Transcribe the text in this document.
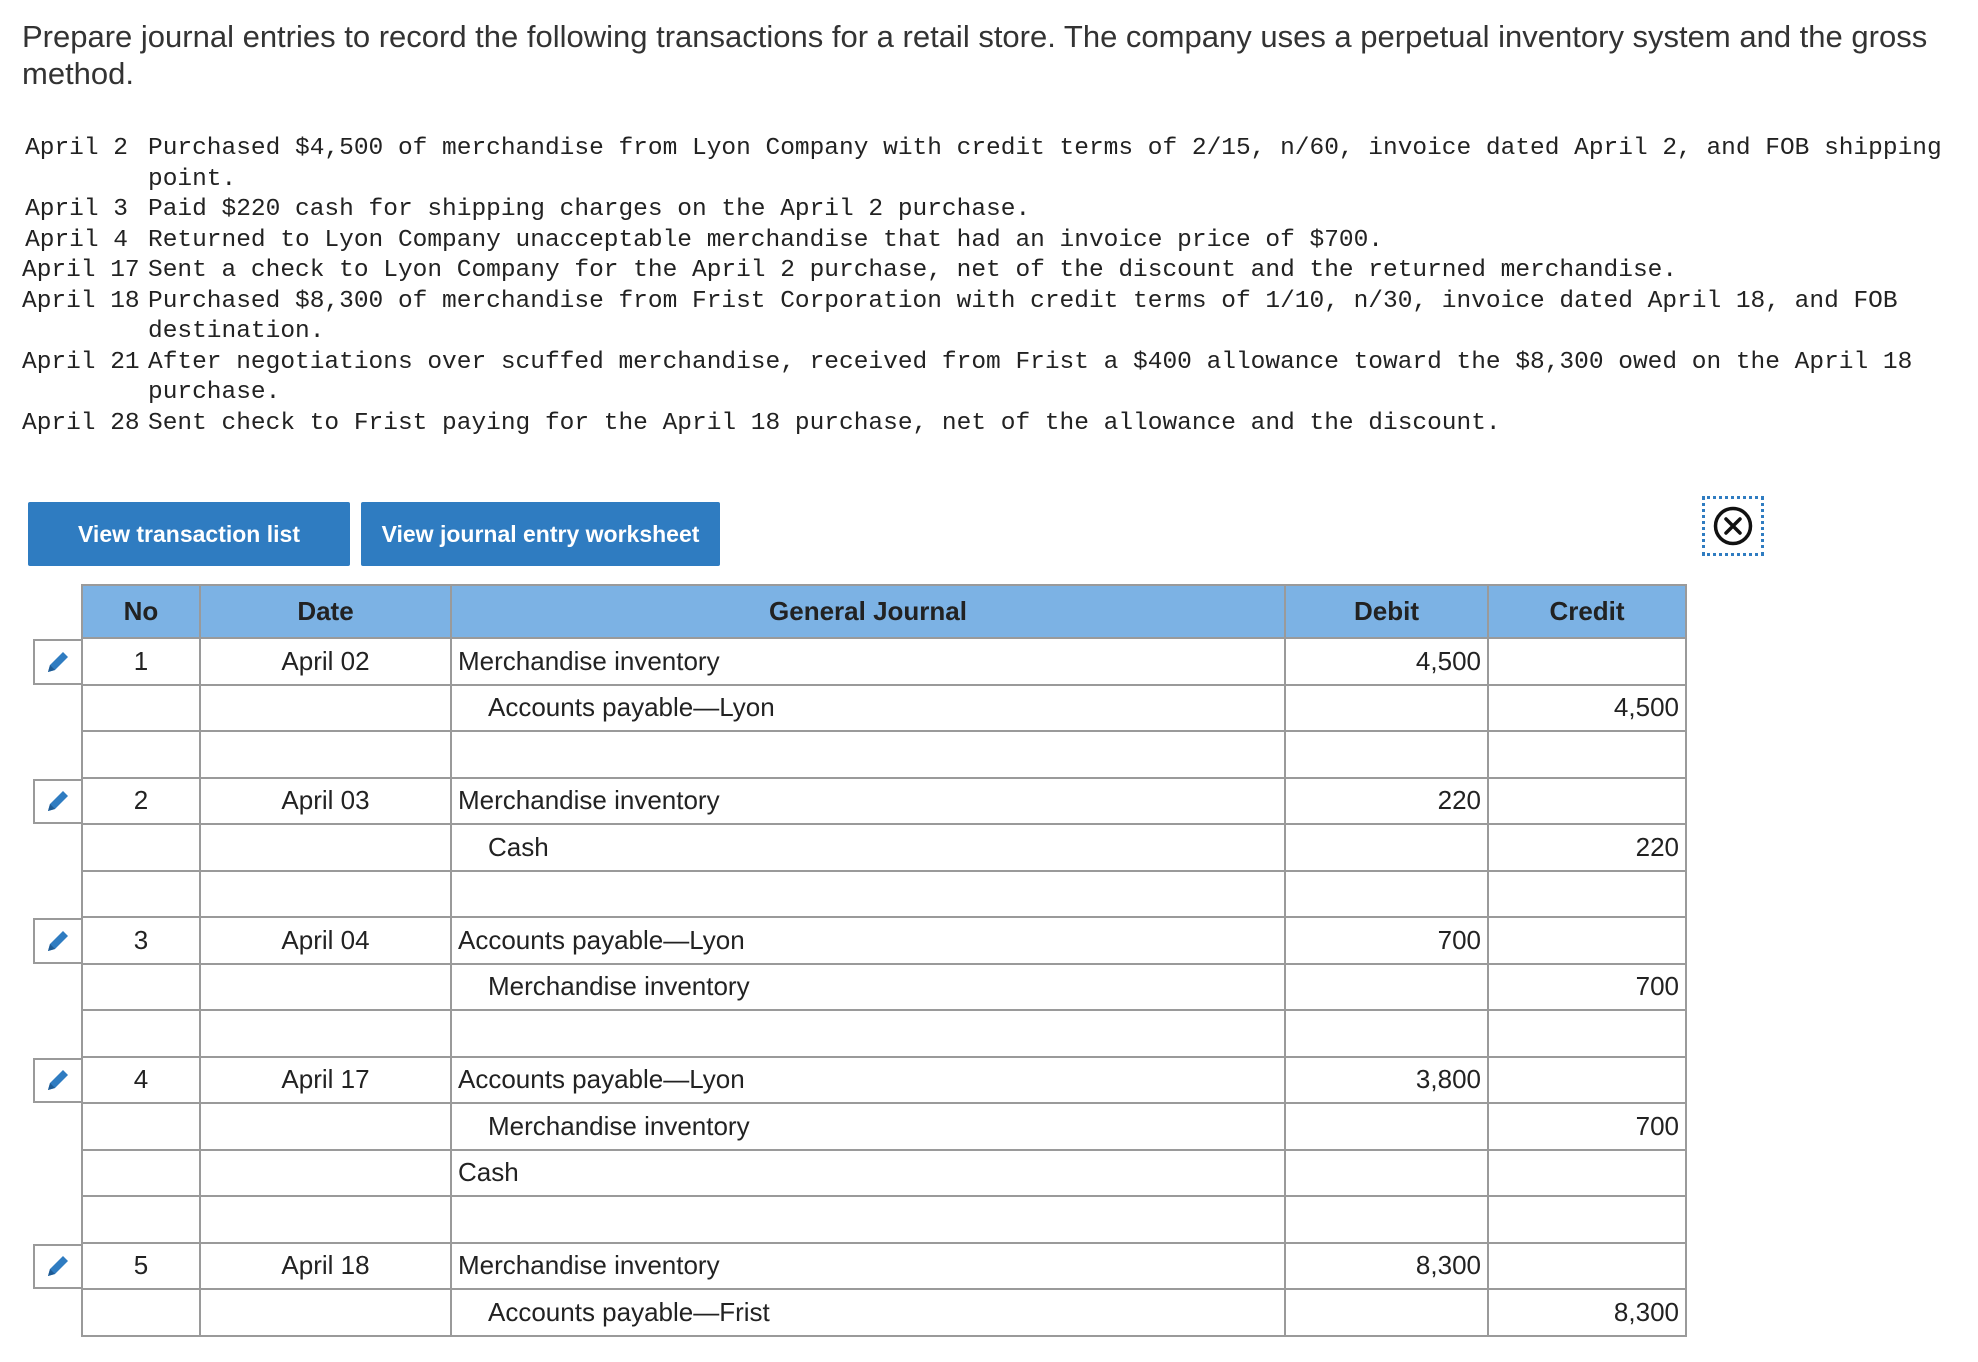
Prepare journal entries to record the following transactions for a retail store. The company uses a perpetual inventory system and the gross method.

April 2 Purchased $4,500 of merchandise from Lyon Company with credit terms of 2/15, n/60, invoice dated April 2, and FOB shipping point.
April 3 Paid $220 cash for shipping charges on the April 2 purchase.
April 4 Returned to Lyon Company unacceptable merchandise that had an invoice price of $700.
April 17 Sent a check to Lyon Company for the April 2 purchase, net of the discount and the returned merchandise.
April 18 Purchased $8,300 of merchandise from Frist Corporation with credit terms of 1/10, n/30, invoice dated April 18, and FOB destination.
April 21 After negotiations over scuffed merchandise, received from Frist a $400 allowance toward the $8,300 owed on the April 18 purchase.
April 28 Sent check to Frist paying for the April 18 purchase, net of the allowance and the discount.
View transaction list	View journal entry worksheet
No	Date	General Journal	Debit	Credit
1	April 02	Merchandise inventory	4,500	
		Accounts payable—Lyon		4,500

2	April 03	Merchandise inventory	220	
		Cash		220

3	April 04	Accounts payable—Lyon	700	
		Merchandise inventory		700

4	April 17	Accounts payable—Lyon	3,800	
		Merchandise inventory		700
		Cash		

5	April 18	Merchandise inventory	8,300	
		Accounts payable—Frist		8,300
